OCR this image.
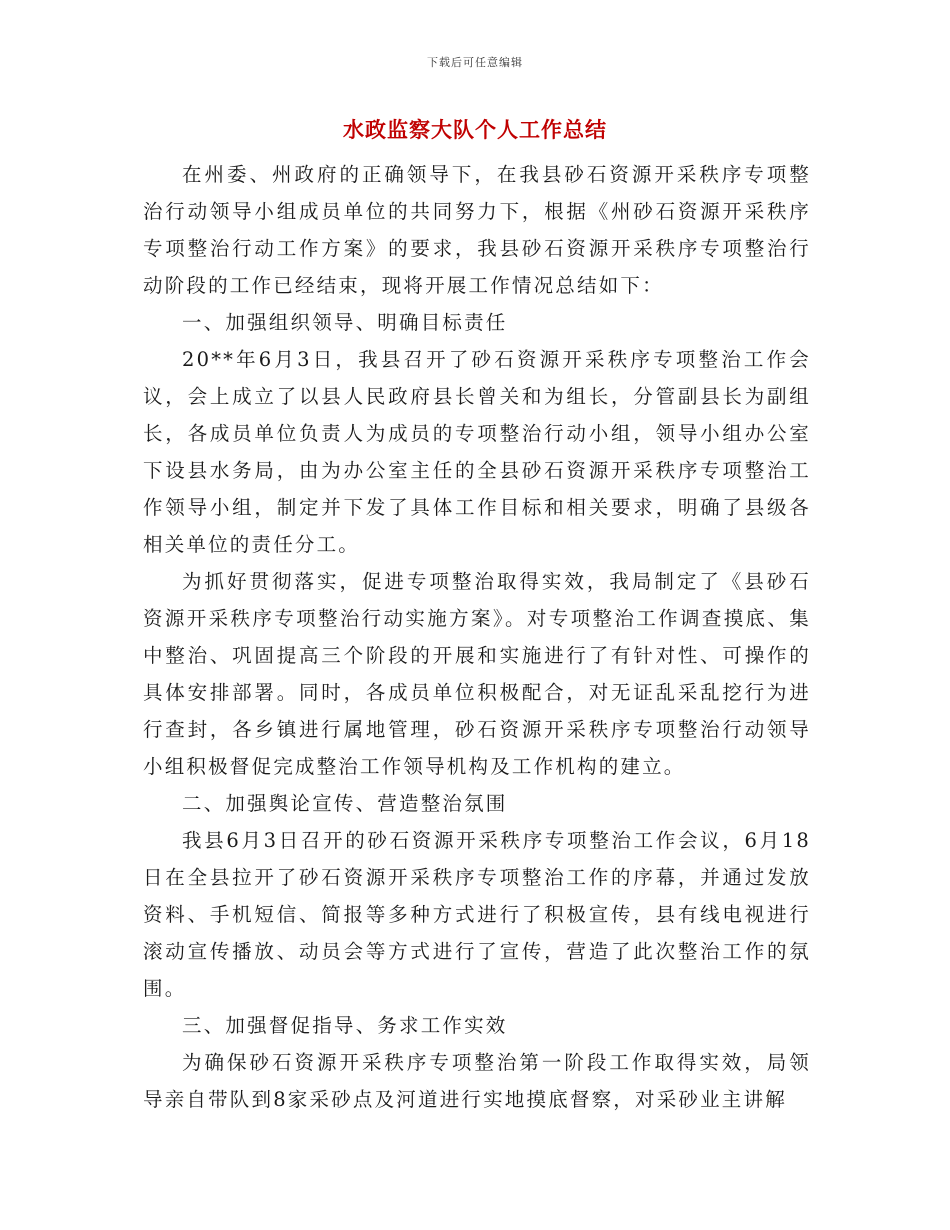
下载后可任意编辑
水政监察大队个人工作总结

在州委、州政府的正确领导下，在我县砂石资源开采秩序专项整治行动领导小组成员单位的共同努力下，根据《州砂石资源开采秩序专项整治行动工作方案》的要求，我县砂石资源开采秩序专项整治行动阶段的工作已经结束，现将开展工作情况总结如下：

一、加强组织领导、明确目标责任

20**年6月3日，我县召开了砂石资源开采秩序专项整治工作会议，会上成立了以县人民政府县长曾关和为组长，分管副县长为副组长，各成员单位负责人为成员的专项整治行动小组，领导小组办公室下设县水务局，由为办公室主任的全县砂石资源开采秩序专项整治工作领导小组，制定并下发了具体工作目标和相关要求，明确了县级各相关单位的责任分工。

为抓好贯彻落实，促进专项整治取得实效，我局制定了《县砂石资源开采秩序专项整治行动实施方案》。对专项整治工作调查摸底、集中整治、巩固提高三个阶段的开展和实施进行了有针对性、可操作的具体安排部署。同时，各成员单位积极配合，对无证乱采乱挖行为进行查封，各乡镇进行属地管理，砂石资源开采秩序专项整治行动领导小组积极督促完成整治工作领导机构及工作机构的建立。

二、加强舆论宣传、营造整治氛围

我县6月3日召开的砂石资源开采秩序专项整治工作会议，6月18日在全县拉开了砂石资源开采秩序专项整治工作的序幕，并通过发放资料、手机短信、简报等多种方式进行了积极宣传，县有线电视进行滚动宣传播放、动员会等方式进行了宣传，营造了此次整治工作的氛围。

三、加强督促指导、务求工作实效

为确保砂石资源开采秩序专项整治第一阶段工作取得实效，局领导亲自带队到8家采砂点及河道进行实地摸底督察，对采砂业主讲解
